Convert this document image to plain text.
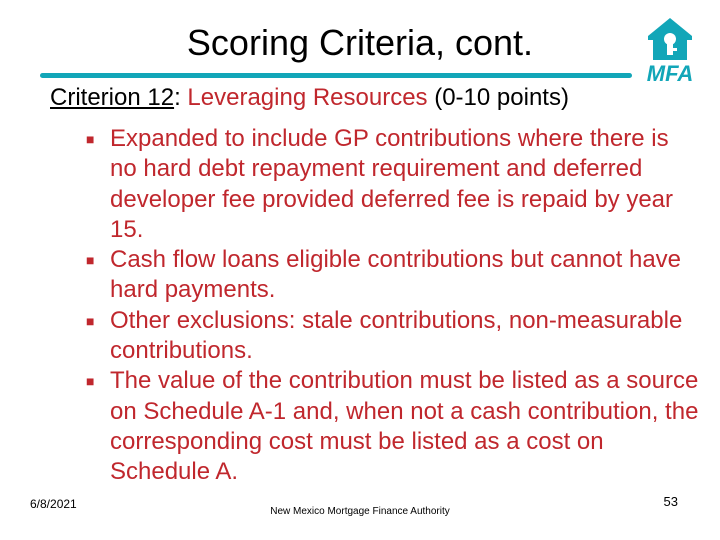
Scoring Criteria, cont.
MFA
Criterion 12: Leveraging Resources (0-10 points)
■ Expanded to include GP contributions where there is no hard debt repayment requirement and deferred developer fee provided deferred fee is repaid by year 15.
■ Cash flow loans eligible contributions but cannot have hard payments.
■ Other exclusions: stale contributions, non-measurable contributions.
■ The value of the contribution must be listed as a source on Schedule A-1 and, when not a cash contribution, the corresponding cost must be listed as a cost on Schedule A.
6/8/2021
New Mexico Mortgage Finance Authority
53
